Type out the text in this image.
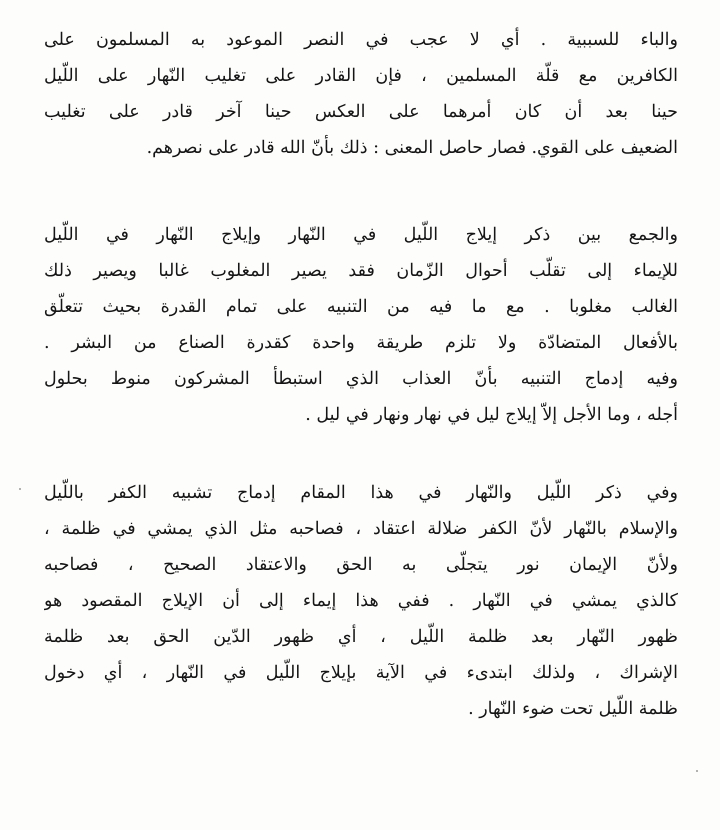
والباء للسببية . أي لا عجب في النصر الموعود به المسلمون على
الكافرين مع قلّة المسلمين ، فإن القادر على تغليب النّهار على اللّيل
حينا بعد أن كان أمرهما على العكس حينا آخر قادر على تغليب
الضعيف على القوي. فصار حاصل المعنى : ذلك بأنّ الله قادر على نصرهم.
والجمع بين ذكر إيلاج اللّيل في النّهار وإيلاج النّهار في اللّيل
للإيماء إلى تقلّب أحوال الزّمان فقد يصير المغلوب غالبا ويصير ذلك
الغالب مغلوبا . مع ما فيه من التنبيه على تمام القدرة بحيث تتعلّق
بالأفعال المتضادّة ولا تلزم طريقة واحدة كقدرة الصناع من البشر .
وفيه إدماج التنبيه بأنّ العذاب الذي استبطأ المشركون منوط بحلول
أجله ، وما الأجل إلاّ إيلاج ليل في نهار ونهار في ليل .
وفي ذكر اللّيل والنّهار في هذا المقام إدماج تشبيه الكفر باللّيل
والإسلام بالنّهار لأنّ الكفر ضلالة اعتقاد ، فصاحبه مثل الذي يمشي في ظلمة ،
ولأنّ الإيمان نور يتجلّى به الحق والاعتقاد الصحيح ، فصاحبه
كالذي يمشي في النّهار . ففي هذا إيماء إلى أن الإيلاج المقصود هو
ظهور النّهار بعد ظلمة اللّيل ، أي ظهور الدّين الحق بعد ظلمة
الإشراك ، ولذلك ابتدىء في الآية بإيلاج اللّيل في النّهار ، أي دخول
ظلمة اللّيل تحت ضوء النّهار .
